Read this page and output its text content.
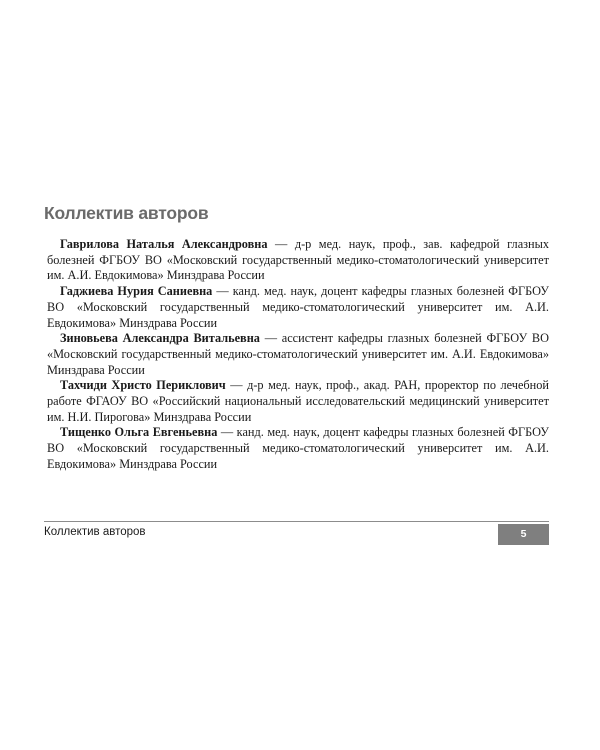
Коллектив авторов

Гаврилова Наталья Александровна — д-р мед. наук, проф., зав. кафедрой глазных болезней ФГБОУ ВО «Московский государственный медико-стоматологический университет им. А.И. Евдокимова» Минздрава России

Гаджиева Нурия Саниевна — канд. мед. наук, доцент кафедры глазных болезней ФГБОУ ВО «Московский государственный медико-стоматологический университет им. А.И. Евдокимова» Минздрава России

Зиновьева Александра Витальевна — ассистент кафедры глазных болезней ФГБОУ ВО «Московский государственный медико-стоматологический университет им. А.И. Евдокимова» Минздрава России

Тахчиди Христо Периклович — д-р мед. наук, проф., акад. РАН, проректор по лечебной работе ФГАОУ ВО «Российский национальный исследовательский медицинский университет им. Н.И. Пирогова» Минздрава России

Тищенко Ольга Евгеньевна — канд. мед. наук, доцент кафедры глазных болезней ФГБОУ ВО «Московский государственный медико-стоматологический университет им. А.И. Евдокимова» Минздрава России

Коллектив авторов	5
